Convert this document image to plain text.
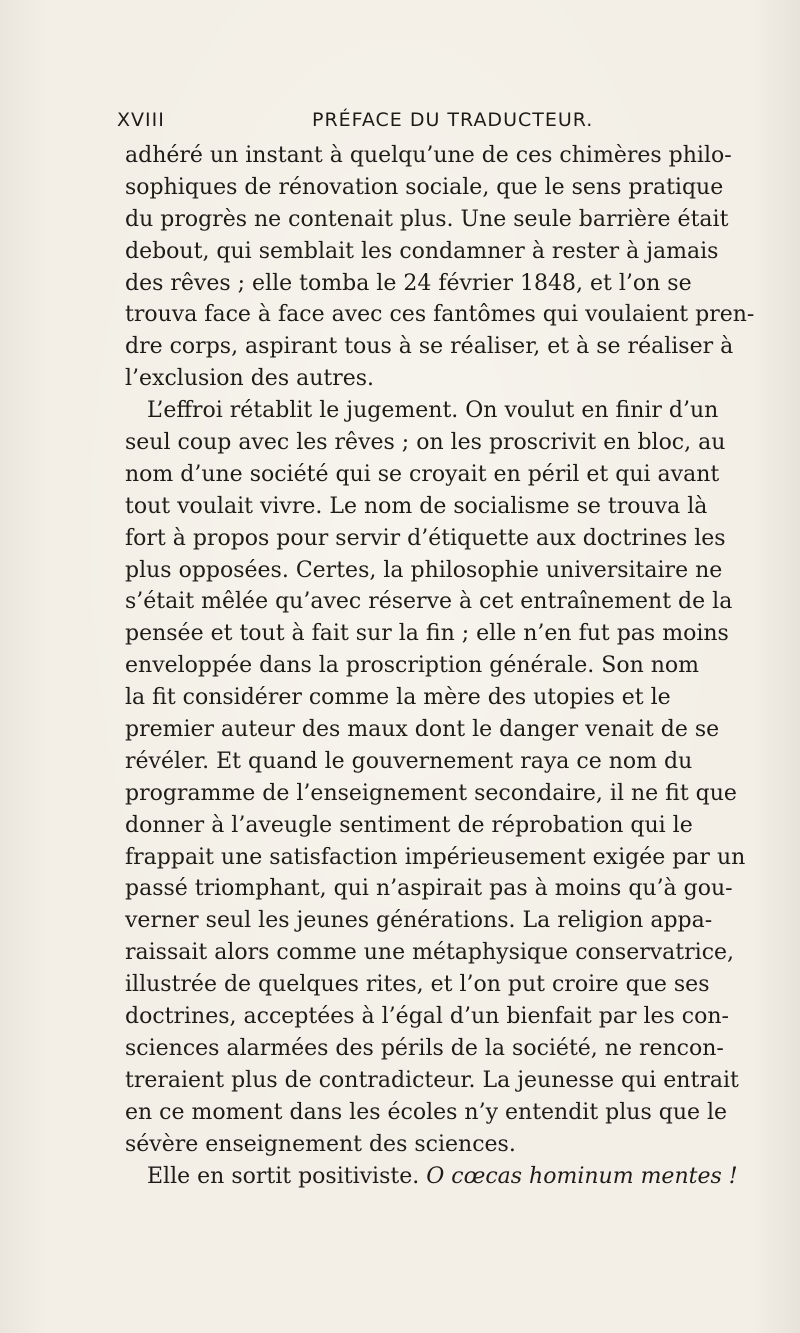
XVIII	PRÉFACE DU TRADUCTEUR.
adhéré un instant à quelqu’une de ces chimères philo-
sophiques de rénovation sociale, que le sens pratique
du progrès ne contenait plus. Une seule barrière était
debout, qui semblait les condamner à rester à jamais
des rêves ; elle tomba le 24 février 1848, et l’on se
trouva face à face avec ces fantômes qui voulaient pren-
dre corps, aspirant tous à se réaliser, et à se réaliser à
l’exclusion des autres.
L’effroi rétablit le jugement. On voulut en finir d’un
seul coup avec les rêves ; on les proscrivit en bloc, au
nom d’une société qui se croyait en péril et qui avant
tout voulait vivre. Le nom de socialisme se trouva là
fort à propos pour servir d’étiquette aux doctrines les
plus opposées. Certes, la philosophie universitaire ne
s’était mêlée qu’avec réserve à cet entraînement de la
pensée et tout à fait sur la fin ; elle n’en fut pas moins
enveloppée dans la proscription générale. Son nom
la fit considérer comme la mère des utopies et le
premier auteur des maux dont le danger venait de se
révéler. Et quand le gouvernement raya ce nom du
programme de l’enseignement secondaire, il ne fit que
donner à l’aveugle sentiment de réprobation qui le
frappait une satisfaction impérieusement exigée par un
passé triomphant, qui n’aspirait pas à moins qu’à gou-
verner seul les jeunes générations. La religion appa-
raissait alors comme une métaphysique conservatrice,
illustrée de quelques rites, et l’on put croire que ses
doctrines, acceptées à l’égal d’un bienfait par les con-
sciences alarmées des périls de la société, ne rencon-
treraient plus de contradicteur. La jeunesse qui entrait
en ce moment dans les écoles n’y entendit plus que le
sévère enseignement des sciences.
Elle en sortit positiviste. O cœcas hominum mentes !
